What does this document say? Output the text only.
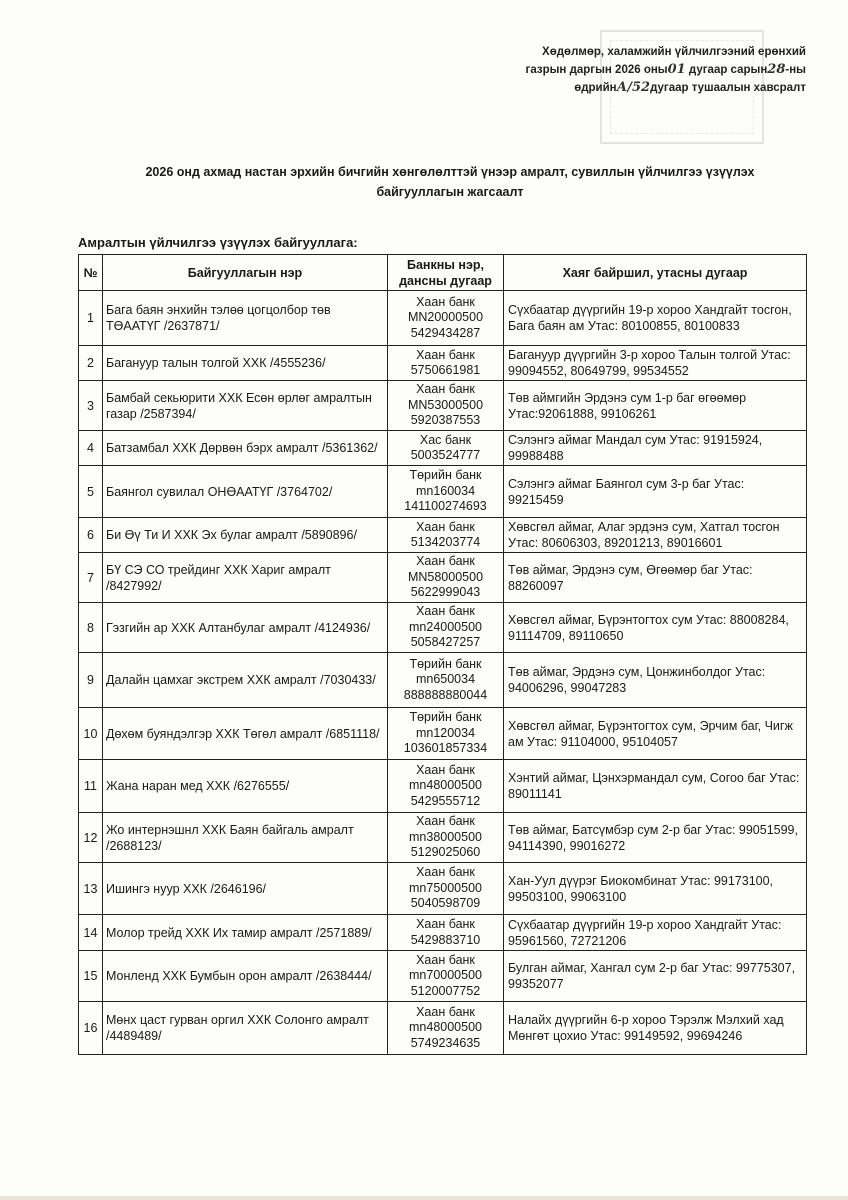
Хөдөлмөр, халамжийн үйлчилгээний ерөнхий
газрын даргын 2026 оны01 дугаар сарын28-ны
өдрийнА/52дугаар тушаалын хавсралт
2026 онд ахмад настан эрхийн бичгийн хөнгөлөлттэй үнээр амралт, сувиллын үйлчилгээ үзүүлэх
байгууллагын жагсаалт
Амралтын үйлчилгээ үзүүлэх байгууллага:
№	Байгууллагын нэр	Банкны нэр, дансны дугаар	Хаяг байршил, утасны дугаар
1	Бага баян энхийн тэлөө цогцолбор төв ТӨААТҮГ /2637871/	Хаан банк
MN20000500
5429434287	Сүхбаатар дүүргийн 19-р хороо Хандгайт тосгон, Бага баян ам Утас: 80100855, 80100833
2	Багануур талын толгой ХХК /4555236/	Хаан банк
5750661981	Багануур дүүргийн 3-р хороо Талын толгой Утас: 99094552, 80649799, 99534552
3	Бамбай секьюрити ХХК Есөн өрлөг амралтын газар /2587394/	Хаан банк
MN53000500
5920387553	Төв аймгийн Эрдэнэ сум 1-р баг өгөөмөр Утас:92061888, 99106261
4	Батзамбал ХХК Дөрвөн бэрх амралт /5361362/	Хас банк
5003524777	Сэлэнгэ аймаг Мандал сум Утас: 91915924, 99988488
5	Баянгол сувилал ОНӨААТҮГ /3764702/	Төрийн банк
mn160034
141100274693	Сэлэнгэ аймаг Баянгол сум 3-р баг Утас: 99215459
6	Би Өү Ти И ХХК Эх булаг амралт /5890896/	Хаан банк
5134203774	Хөвсгөл аймаг, Алаг эрдэнэ сум, Хатгал тосгон Утас: 80606303, 89201213, 89016601
7	БҮ СЭ СО трейдинг ХХК Хариг амралт /8427992/	Хаан банк
MN58000500
5622999043	Төв аймаг, Эрдэнэ сум, Өгөөмөр баг Утас: 88260097
8	Гэзгийн ар ХХК Алтанбулаг амралт /4124936/	Хаан банк
mn24000500
5058427257	Хөвсгөл аймаг, Бүрэнтогтох сум Утас: 88008284, 91114709, 89110650
9	Далайн цамхаг экстрем ХХК амралт /7030433/	Төрийн банк
mn650034
888888880044	Төв аймаг, Эрдэнэ сум, Цонжинболдог Утас: 94006296, 99047283
10	Дөхөм буяндэлгэр ХХК Төгөл амралт /6851118/	Төрийн банк
mn120034
103601857334	Хөвсгөл аймаг, Бүрэнтогтох сум, Эрчим баг, Чигж ам Утас: 91104000, 95104057
11	Жана наран мед ХХК /6276555/	Хаан банк
mn48000500
5429555712	Хэнтий аймаг, Цэнхэрмандал сум, Согоо баг Утас: 89011141
12	Жо интернэшнл ХХК Баян байгаль амралт /2688123/	Хаан банк
mn38000500
5129025060	Төв аймаг, Батсүмбэр сум 2-р баг Утас: 99051599, 94114390, 99016272
13	Ишингэ нуур ХХК /2646196/	Хаан банк
mn75000500
5040598709	Хан-Уул дүүрэг Биокомбинат Утас: 99173100, 99503100, 99063100
14	Молор трейд ХХК Их тамир амралт /2571889/	Хаан банк
5429883710	Сүхбаатар дүүргийн 19-р хороо Хандгайт Утас: 95961560, 72721206
15	Монленд ХХК Бумбын орон амралт /2638444/	Хаан банк
mn70000500
5120007752	Булган аймаг, Хангал сум 2-р баг Утас: 99775307, 99352077
16	Мөнх цаст гурван оргил ХХК Солонго амралт /4489489/	Хаан банк
mn48000500
5749234635	Налайх дүүргийн 6-р хороо Тэрэлж Мэлхий хад Мөнгөт цохио Утас: 99149592, 99694246
